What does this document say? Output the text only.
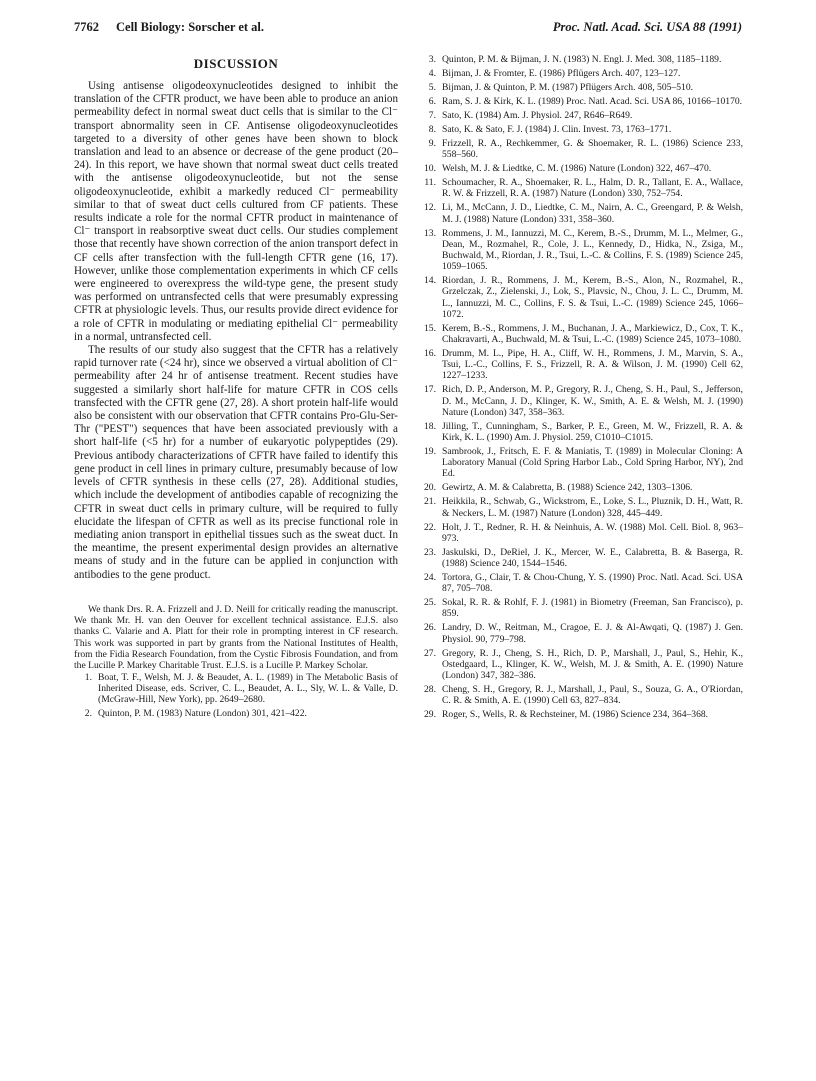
7762 Cell Biology: Sorscher et al.	Proc. Natl. Acad. Sci. USA 88 (1991)
DISCUSSION

Using antisense oligodeoxynucleotides designed to inhibit the translation of the CFTR product, we have been able to produce an anion permeability defect in normal sweat duct cells that is similar to the Cl⁻ transport abnormality seen in CF. Antisense oligodeoxynucleotides targeted to a diversity of other genes have been shown to block translation and lead to an absence or decrease of the gene product (20–24). In this report, we have shown that normal sweat duct cells treated with the antisense oligodeoxynucleotide, but not the sense oligodeoxynucleotide, exhibit a markedly reduced Cl⁻ permeability similar to that of sweat duct cells cultured from CF patients. These results indicate a role for the normal CFTR product in maintenance of Cl⁻ transport in reabsorptive sweat duct cells. Our studies complement those that recently have shown correction of the anion transport defect in CF cells after transfection with the full-length CFTR gene (16, 17). However, unlike those complementation experiments in which CF cells were engineered to overexpress the wild-type gene, the present study was performed on untransfected cells that were presumably expressing CFTR at physiologic levels. Thus, our results provide direct evidence for a role of CFTR in modulating or mediating epithelial Cl⁻ permeability in a normal, untransfected cell.

The results of our study also suggest that the CFTR has a relatively rapid turnover rate (<24 hr), since we observed a virtual abolition of Cl⁻ permeability after 24 hr of antisense treatment. Recent studies have suggested a similarly short half-life for mature CFTR in COS cells transfected with the CFTR gene (27, 28). A short protein half-life would also be consistent with our observation that CFTR contains Pro-Glu-Ser-Thr ("PEST") sequences that have been associated previously with a short half-life (<5 hr) for a number of eukaryotic polypeptides (29). Previous antibody characterizations of CFTR have failed to identify this gene product in cell lines in primary culture, presumably because of low levels of CFTR synthesis in these cells (27, 28). Additional studies, which include the development of antibodies capable of recognizing the CFTR in sweat duct cells in primary culture, will be required to fully elucidate the lifespan of CFTR as well as its precise functional role in mediating anion transport in epithelial tissues such as the sweat duct. In the meantime, the present experimental design provides an alternative means of study and in the future can be applied in conjunction with antibodies to the gene product.

We thank Drs. R. A. Frizzell and J. D. Neill for critically reading the manuscript. We thank Mr. H. van den Oeuver for excellent technical assistance. E.J.S. also thanks C. Valarie and A. Platt for their role in prompting interest in CF research. This work was supported in part by grants from the National Institutes of Health, from the Fidia Research Foundation, from the Cystic Fibrosis Foundation, and from the Lucille P. Markey Charitable Trust. E.J.S. is a Lucille P. Markey Scholar.

1. Boat, T. F., Welsh, M. J. & Beaudet, A. L. (1989) in The Metabolic Basis of Inherited Disease, eds. Scriver, C. L., Beaudet, A. L., Sly, W. L. & Valle, D. (McGraw-Hill, New York), pp. 2649–2680.
2. Quinton, P. M. (1983) Nature (London) 301, 421–422.
3. Quinton, P. M. & Bijman, J. N. (1983) N. Engl. J. Med. 308, 1185–1189.
4. Bijman, J. & Fromter, E. (1986) Pflügers Arch. 407, 123–127.
5. Bijman, J. & Quinton, P. M. (1987) Pflügers Arch. 408, 505–510.
6. Ram, S. J. & Kirk, K. L. (1989) Proc. Natl. Acad. Sci. USA 86, 10166–10170.
7. Sato, K. (1984) Am. J. Physiol. 247, R646–R649.
8. Sato, K. & Sato, F. J. (1984) J. Clin. Invest. 73, 1763–1771.
9. Frizzell, R. A., Rechkemmer, G. & Shoemaker, R. L. (1986) Science 233, 558–560.
10. Welsh, M. J. & Liedtke, C. M. (1986) Nature (London) 322, 467–470.
11. Schoumacher, R. A., Shoemaker, R. L., Halm, D. R., Tallant, E. A., Wallace, R. W. & Frizzell, R. A. (1987) Nature (London) 330, 752–754.
12. Li, M., McCann, J. D., Liedtke, C. M., Nairn, A. C., Greengard, P. & Welsh, M. J. (1988) Nature (London) 331, 358–360.
13. Rommens, J. M., Iannuzzi, M. C., Kerem, B.-S., Drumm, M. L., Melmer, G., Dean, M., Rozmahel, R., Cole, J. L., Kennedy, D., Hidka, N., Zsiga, M., Buchwald, M., Riordan, J. R., Tsui, L.-C. & Collins, F. S. (1989) Science 245, 1059–1065.
14. Riordan, J. R., Rommens, J. M., Kerem, B.-S., Alon, N., Rozmahel, R., Grzelczak, Z., Zielenski, J., Lok, S., Plavsic, N., Chou, J. L. C., Drumm, M. L., Iannuzzi, M. C., Collins, F. S. & Tsui, L.-C. (1989) Science 245, 1066–1072.
15. Kerem, B.-S., Rommens, J. M., Buchanan, J. A., Markiewicz, D., Cox, T. K., Chakravarti, A., Buchwald, M. & Tsui, L.-C. (1989) Science 245, 1073–1080.
16. Drumm, M. L., Pipe, H. A., Cliff, W. H., Rommens, J. M., Marvin, S. A., Tsui, L.-C., Collins, F. S., Frizzell, R. A. & Wilson, J. M. (1990) Cell 62, 1227–1233.
17. Rich, D. P., Anderson, M. P., Gregory, R. J., Cheng, S. H., Paul, S., Jefferson, D. M., McCann, J. D., Klinger, K. W., Smith, A. E. & Welsh, M. J. (1990) Nature (London) 347, 358–363.
18. Jilling, T., Cunningham, S., Barker, P. E., Green, M. W., Frizzell, R. A. & Kirk, K. L. (1990) Am. J. Physiol. 259, C1010–C1015.
19. Sambrook, J., Fritsch, E. F. & Maniatis, T. (1989) in Molecular Cloning: A Laboratory Manual (Cold Spring Harbor Lab., Cold Spring Harbor, NY), 2nd Ed.
20. Gewirtz, A. M. & Calabretta, B. (1988) Science 242, 1303–1306.
21. Heikkila, R., Schwab, G., Wickstrom, E., Loke, S. L., Pluznik, D. H., Watt, R. & Neckers, L. M. (1987) Nature (London) 328, 445–449.
22. Holt, J. T., Redner, R. H. & Neinhuis, A. W. (1988) Mol. Cell. Biol. 8, 963–973.
23. Jaskulski, D., DeRiel, J. K., Mercer, W. E., Calabretta, B. & Baserga, R. (1988) Science 240, 1544–1546.
24. Tortora, G., Clair, T. & Chou-Chung, Y. S. (1990) Proc. Natl. Acad. Sci. USA 87, 705–708.
25. Sokal, R. R. & Rohlf, F. J. (1981) in Biometry (Freeman, San Francisco), p. 859.
26. Landry, D. W., Reitman, M., Cragoe, E. J. & Al-Awqati, Q. (1987) J. Gen. Physiol. 90, 779–798.
27. Gregory, R. J., Cheng, S. H., Rich, D. P., Marshall, J., Paul, S., Hehir, K., Ostedgaard, L., Klinger, K. W., Welsh, M. J. & Smith, A. E. (1990) Nature (London) 347, 382–386.
28. Cheng, S. H., Gregory, R. J., Marshall, J., Paul, S., Souza, G. A., O'Riordan, C. R. & Smith, A. E. (1990) Cell 63, 827–834.
29. Roger, S., Wells, R. & Rechsteiner, M. (1986) Science 234, 364–368.
